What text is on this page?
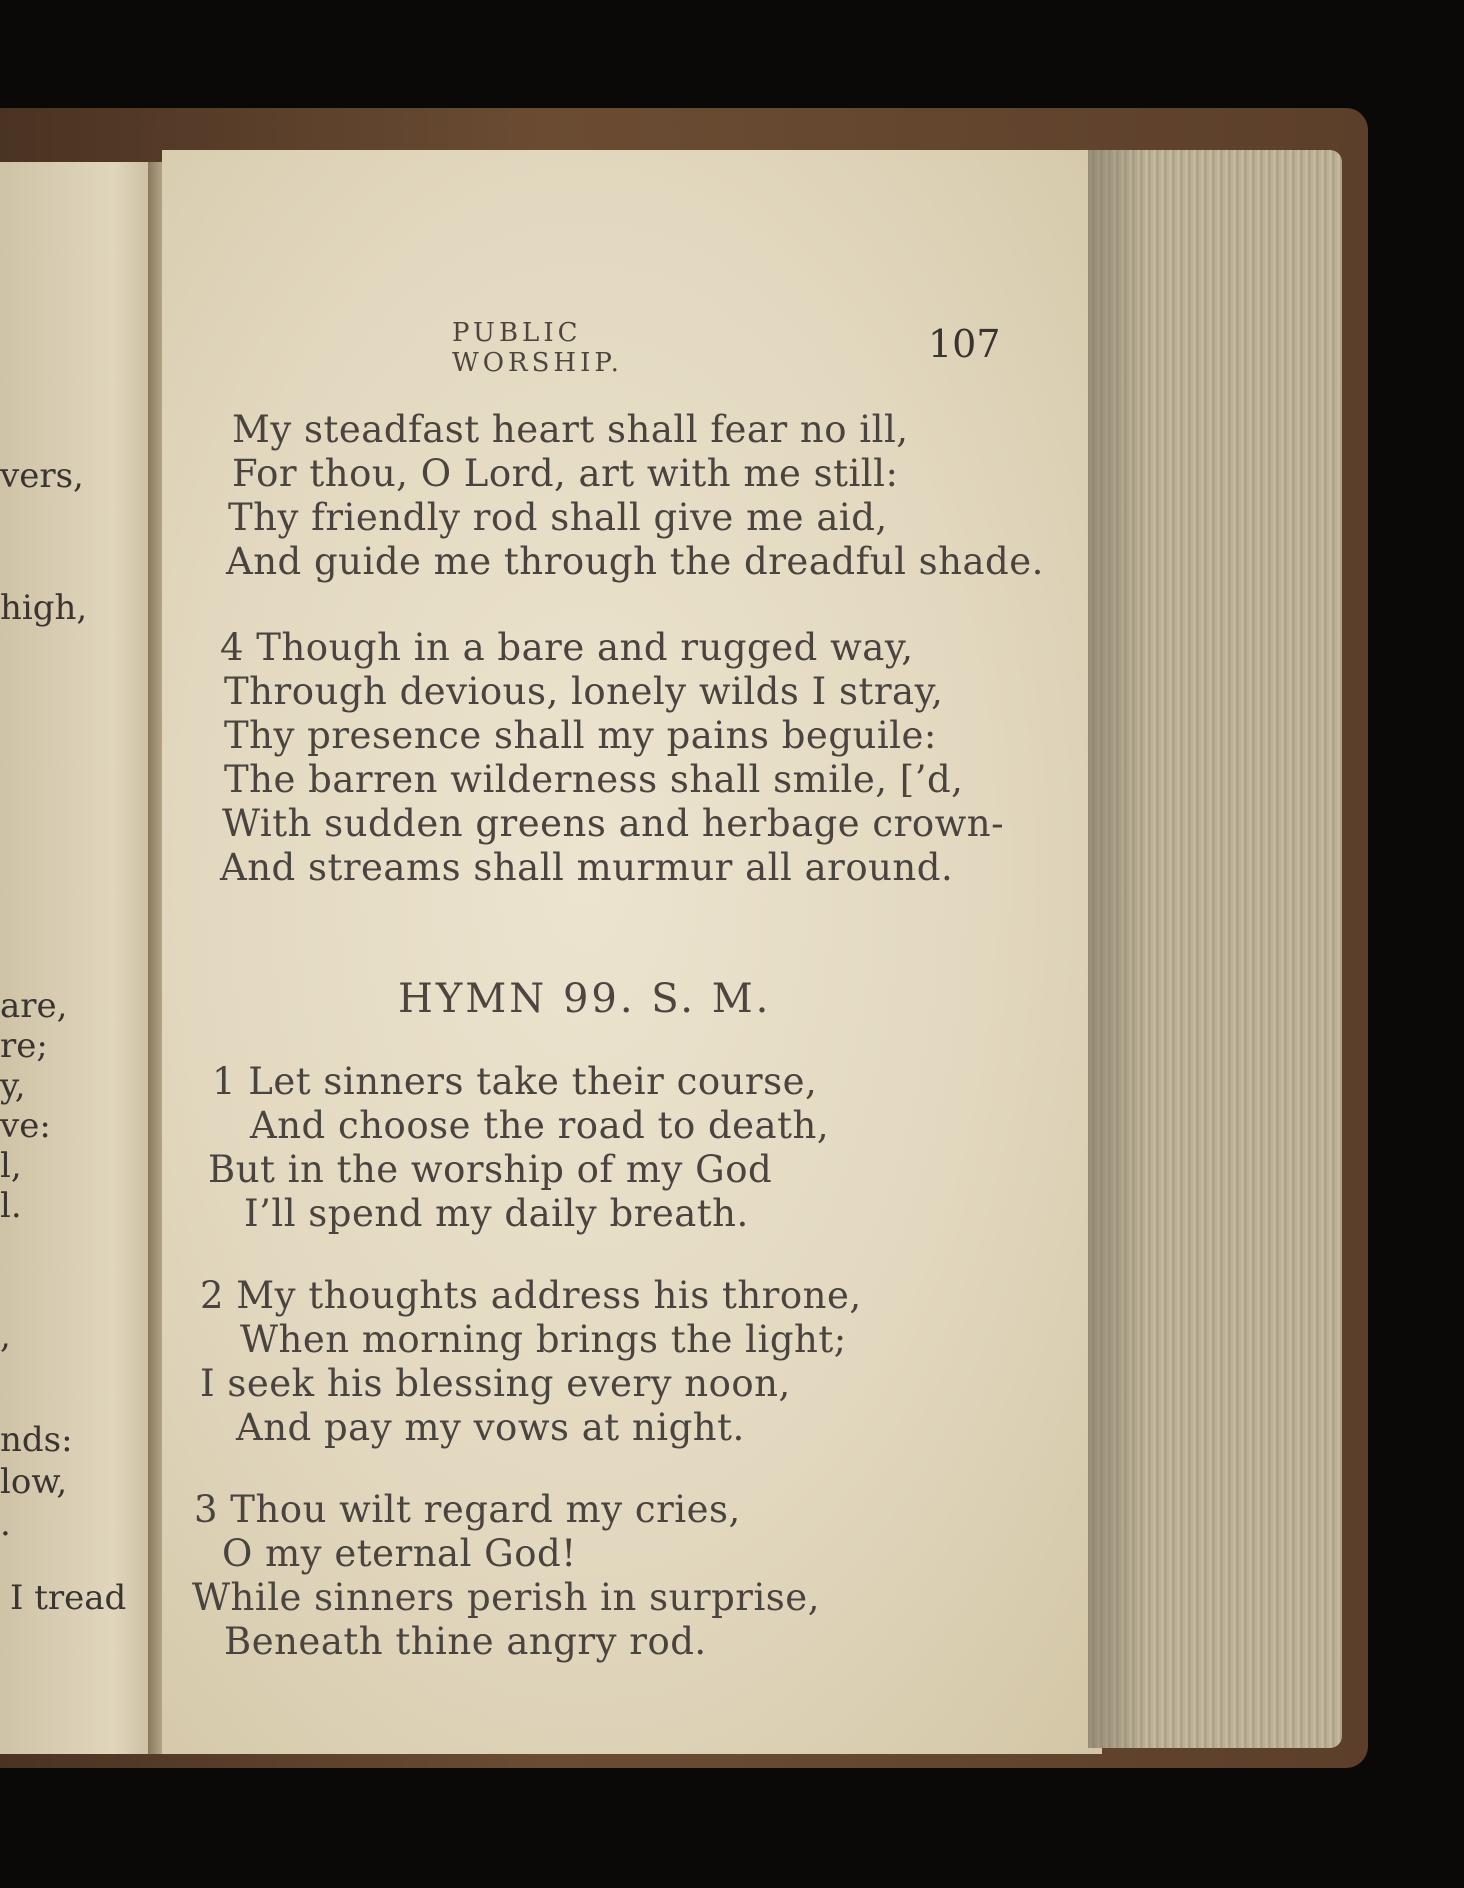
vers,
high,
are,
re;
y,
ve:
l,
l.
,
nds:
low,
.
I tread
PUBLIC WORSHIP.	107
My steadfast heart shall fear no ill,
For thou, O Lord, art with me still:
Thy friendly rod shall give me aid,
And guide me through the dreadful shade.
4 Though in a bare and rugged way,
Through devious, lonely wilds I stray,
Thy presence shall my pains beguile:
The barren wilderness shall smile, [’d,
With sudden greens and herbage crown-
And streams shall murmur all around.
HYMN 99. S. M.
1 Let sinners take their course,
And choose the road to death,
But in the worship of my God
I’ll spend my daily breath.
2 My thoughts address his throne,
When morning brings the light;
I seek his blessing every noon,
And pay my vows at night.
3 Thou wilt regard my cries,
O my eternal God!
While sinners perish in surprise,
Beneath thine angry rod.
